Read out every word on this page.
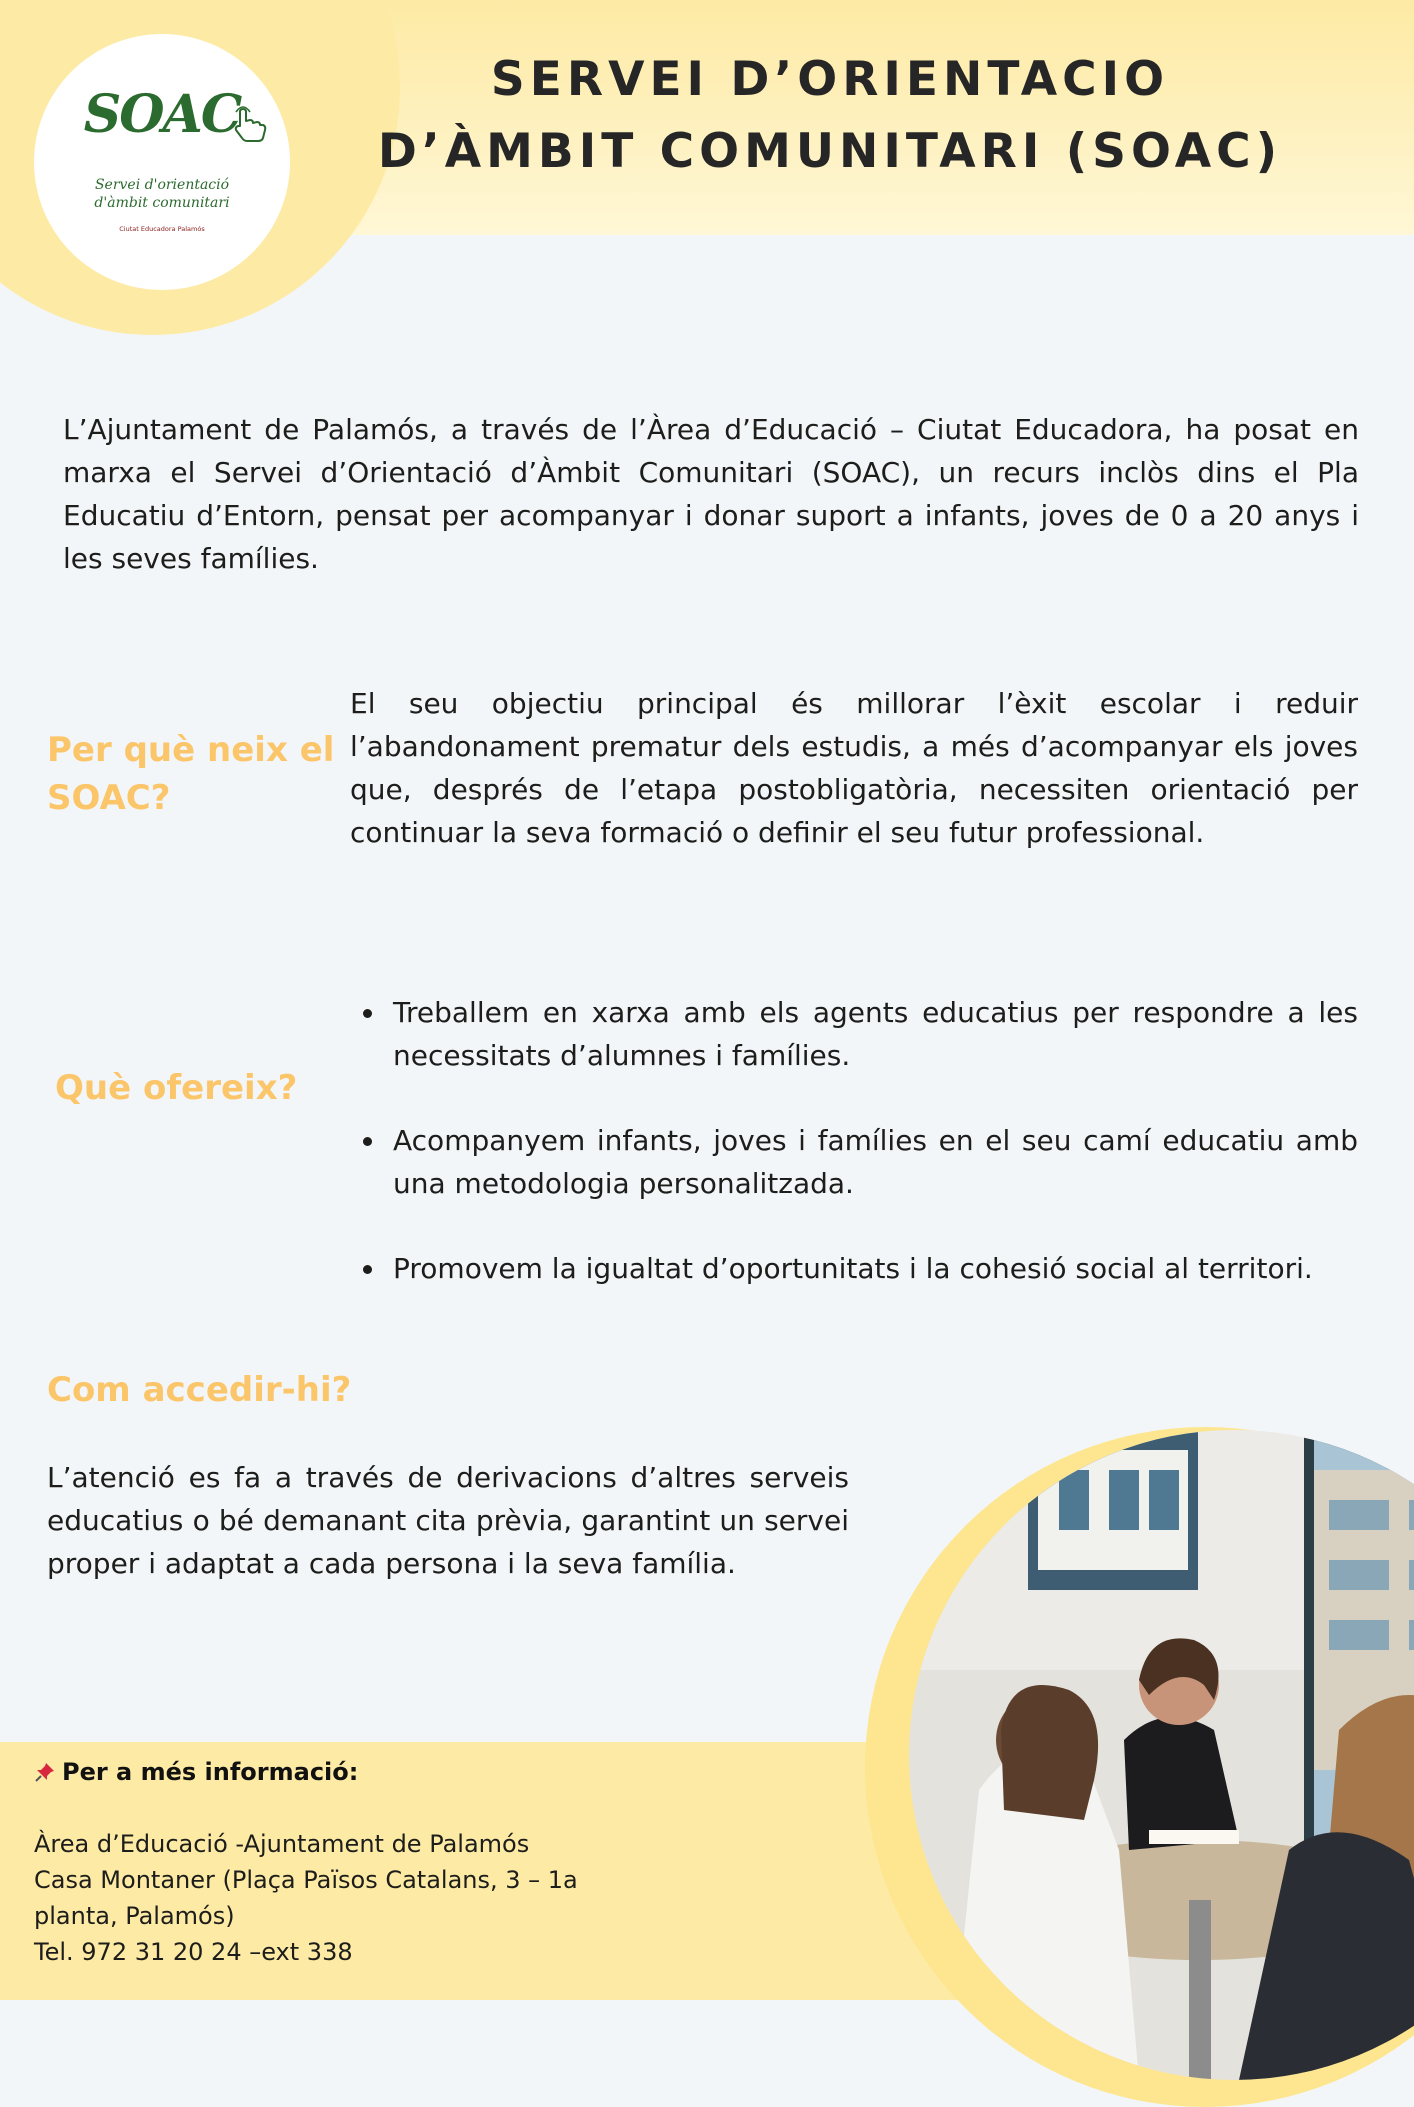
SOAC
Servei d'orientació
d'àmbit comunitari
Ciutat Educadora Palamós
SERVEI D’ORIENTACIO
D’ÀMBIT COMUNITARI (SOAC)

L’Ajuntament de Palamós, a través de l’Àrea d’Educació – Ciutat Educadora, ha posat en marxa el Servei d’Orientació d’Àmbit Comunitari (SOAC), un recurs inclòs dins el Pla Educatiu d’Entorn, pensat per acompanyar i donar suport a infants, joves de 0 a 20 anys i les seves famílies.

Per què neix el SOAC?

El seu objectiu principal és millorar l’èxit escolar i reduir l’abandonament prematur dels estudis, a més d’acompanyar els joves que, després de l’etapa postobligatòria, necessiten orientació per continuar la seva formació o definir el seu futur professional.

Què ofereix?
Treballem en xarxa amb els agents educatius per respondre a les necessitats d’alumnes i famílies.
Acompanyem infants, joves i famílies en el seu camí educatiu amb una metodologia personalitzada.
Promovem la igualtat d’oportunitats i la cohesió social al territori.
Com accedir-hi?

L’atenció es fa a través de derivacions d’altres serveis educatius o bé demanant cita prèvia, garantint un servei proper i adaptat a cada persona i la seva família.

Per a més informació:
Àrea d’Educació -Ajuntament de Palamós
Casa Montaner (Plaça Països Catalans, 3 – 1a
planta, Palamós)
Tel. 972 31 20 24 –ext 338
